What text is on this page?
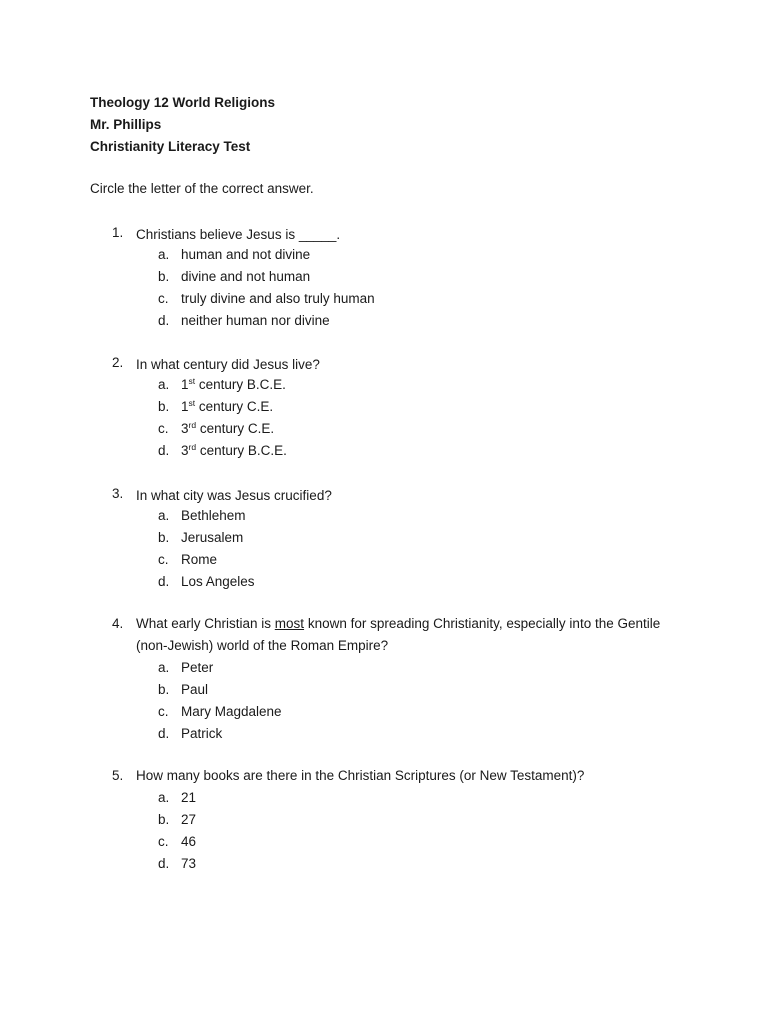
Theology 12 World Religions
Mr. Phillips
Christianity Literacy Test
Circle the letter of the correct answer.
1. Christians believe Jesus is _____.
a. human and not divine
b. divine and not human
c. truly divine and also truly human
d. neither human nor divine
2. In what century did Jesus live?
a. 1st century B.C.E.
b. 1st century C.E.
c. 3rd century C.E.
d. 3rd century B.C.E.
3. In what city was Jesus crucified?
a. Bethlehem
b. Jerusalem
c. Rome
d. Los Angeles
4. What early Christian is most known for spreading Christianity, especially into the Gentile
(non-Jewish) world of the Roman Empire?
a. Peter
b. Paul
c. Mary Magdalene
d. Patrick
5. How many books are there in the Christian Scriptures (or New Testament)?
a. 21
b. 27
c. 46
d. 73
